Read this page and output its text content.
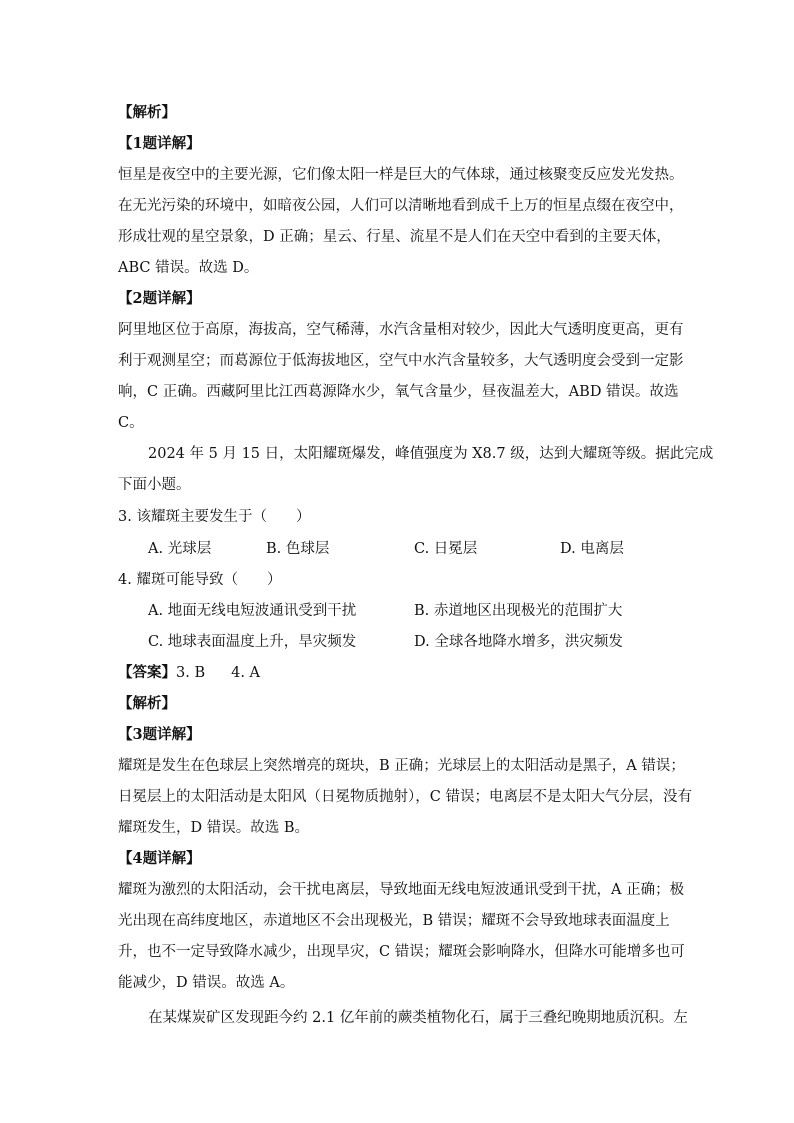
【解析】
【1题详解】
恒星是夜空中的主要光源，它们像太阳一样是巨大的气体球，通过核聚变反应发光发热。
在无光污染的环境中，如暗夜公园，人们可以清晰地看到成千上万的恒星点缀在夜空中，
形成壮观的星空景象，D 正确；星云、行星、流星不是人们在天空中看到的主要天体，
ABC 错误。故选 D。
【2题详解】
阿里地区位于高原，海拔高，空气稀薄，水汽含量相对较少，因此大气透明度更高，更有
利于观测星空；而葛源位于低海拔地区，空气中水汽含量较多，大气透明度会受到一定影
响，C 正确。西藏阿里比江西葛源降水少，氧气含量少，昼夜温差大，ABD 错误。故选
C。
2024 年 5 月 15 日，太阳耀斑爆发，峰值强度为 X8.7 级，达到大耀斑等级。据此完成
下面小题。
3. 该耀斑主要发生于（　　）
A. 光球层	B. 色球层	C. 日冕层	D. 电离层
4. 耀斑可能导致（　　）
A. 地面无线电短波通讯受到干扰	B. 赤道地区出现极光的范围扩大
C. 地球表面温度上升，旱灾频发	D. 全球各地降水增多，洪灾频发
【答案】3. B 4. A
【解析】
【3题详解】
耀斑是发生在色球层上突然增亮的斑块，B 正确；光球层上的太阳活动是黑子，A 错误；
日冕层上的太阳活动是太阳风（日冕物质抛射），C 错误；电离层不是太阳大气分层，没有
耀斑发生，D 错误。故选 B。
【4题详解】
耀斑为激烈的太阳活动，会干扰电离层，导致地面无线电短波通讯受到干扰，A 正确；极
光出现在高纬度地区，赤道地区不会出现极光，B 错误；耀斑不会导致地球表面温度上
升，也不一定导致降水减少，出现旱灾，C 错误；耀斑会影响降水，但降水可能增多也可
能减少，D 错误。故选 A。
在某煤炭矿区发现距今约 2.1 亿年前的蕨类植物化石，属于三叠纪晚期地质沉积。左
